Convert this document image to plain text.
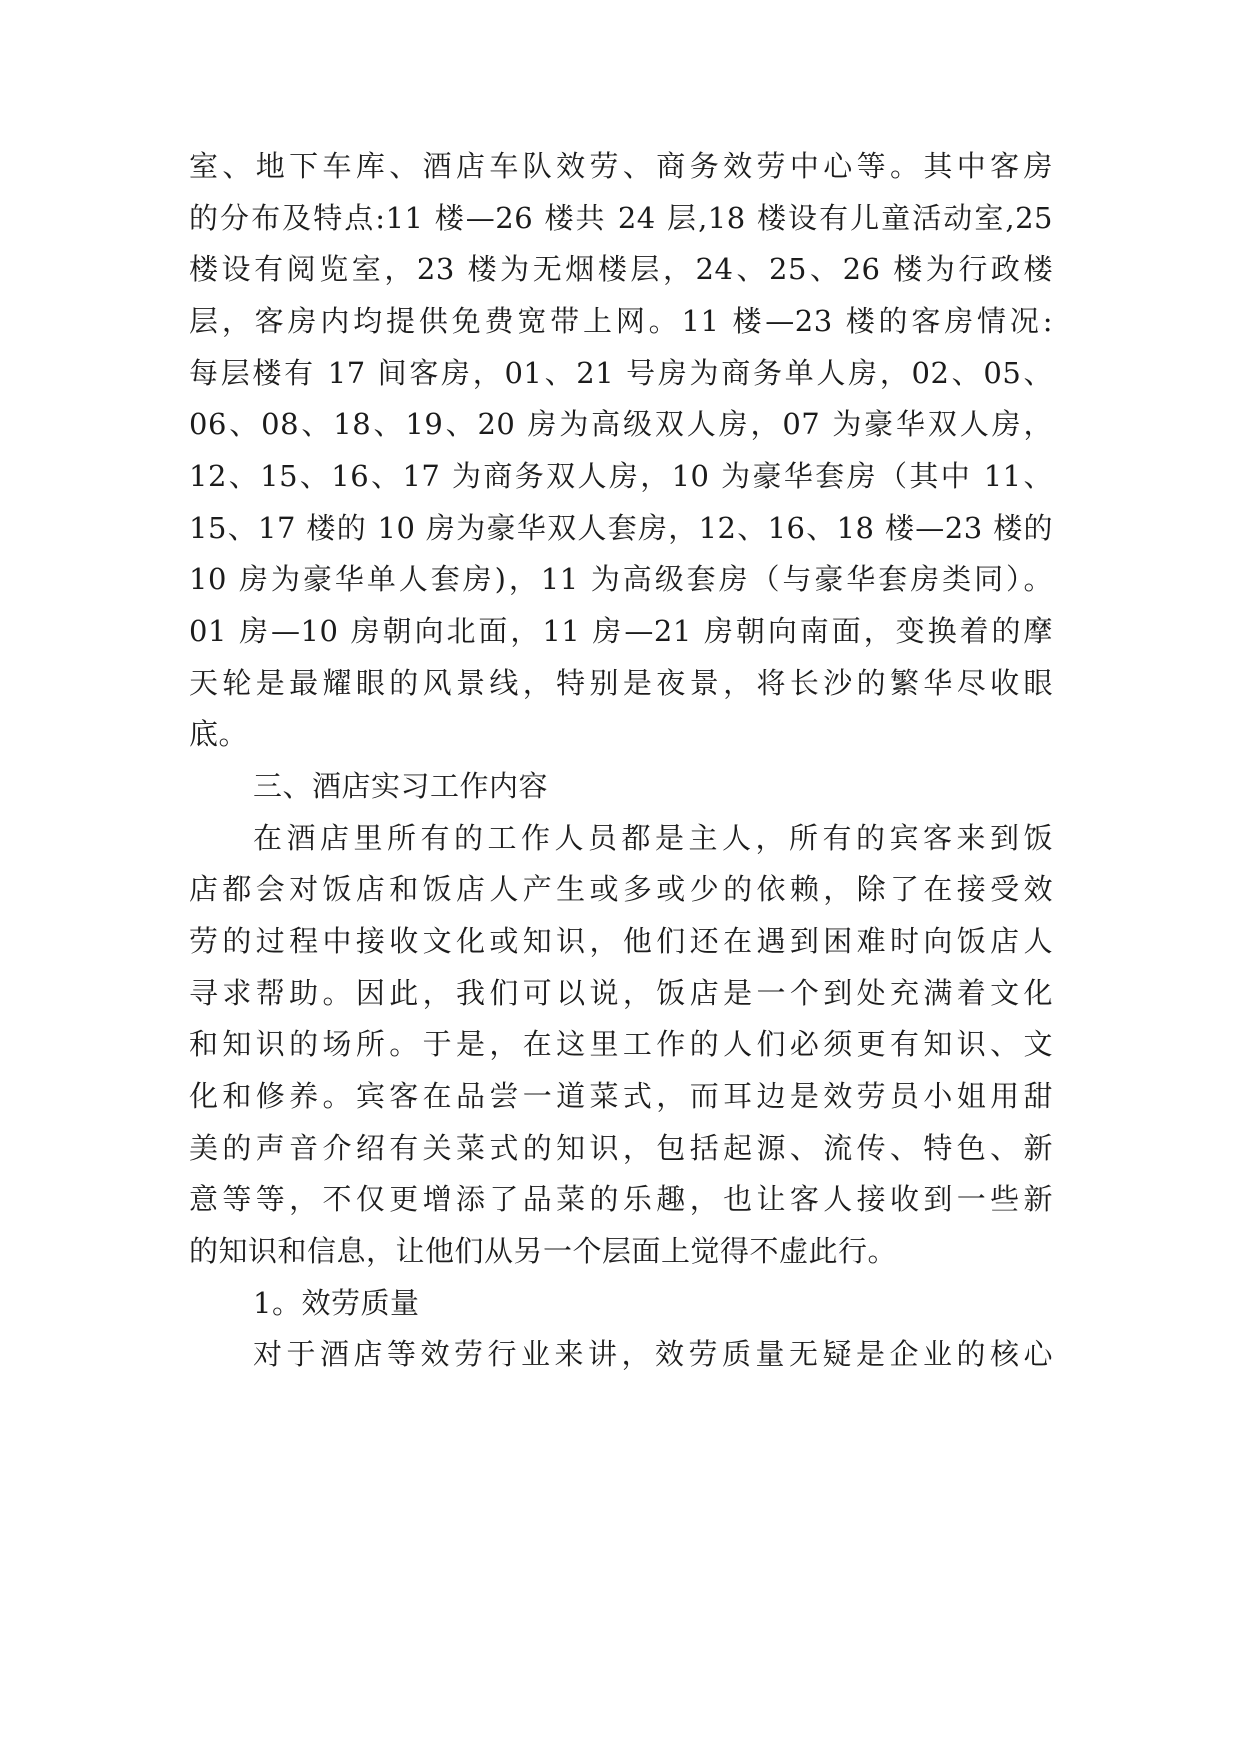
室、地下车库、酒店车队效劳、商务效劳中心等。其中客房
的分布及特点:11 楼—26 楼共 24 层,18 楼设有儿童活动室,25
楼设有阅览室，23 楼为无烟楼层，24、25、26 楼为行政楼
层，客房内均提供免费宽带上网。11 楼—23 楼的客房情况:
每层楼有 17 间客房，01、21 号房为商务单人房，02、05、
06、08、18、19、20 房为高级双人房，07 为豪华双人房，
12、15、16、17 为商务双人房，10 为豪华套房（其中 11、
15、17 楼的 10 房为豪华双人套房，12、16、18 楼—23 楼的
10 房为豪华单人套房)，11 为高级套房（与豪华套房类同）。
01 房—10 房朝向北面，11 房—21 房朝向南面，变换着的摩
天轮是最耀眼的风景线，特别是夜景，将长沙的繁华尽收眼
底。
三、酒店实习工作内容
在酒店里所有的工作人员都是主人，所有的宾客来到饭
店都会对饭店和饭店人产生或多或少的依赖，除了在接受效
劳的过程中接收文化或知识，他们还在遇到困难时向饭店人
寻求帮助。因此，我们可以说，饭店是一个到处充满着文化
和知识的场所。于是，在这里工作的人们必须更有知识、文
化和修养。宾客在品尝一道菜式，而耳边是效劳员小姐用甜
美的声音介绍有关菜式的知识，包括起源、流传、特色、新
意等等，不仅更增添了品菜的乐趣，也让客人接收到一些新
的知识和信息，让他们从另一个层面上觉得不虚此行。
1。效劳质量
对于酒店等效劳行业来讲，效劳质量无疑是企业的核心
